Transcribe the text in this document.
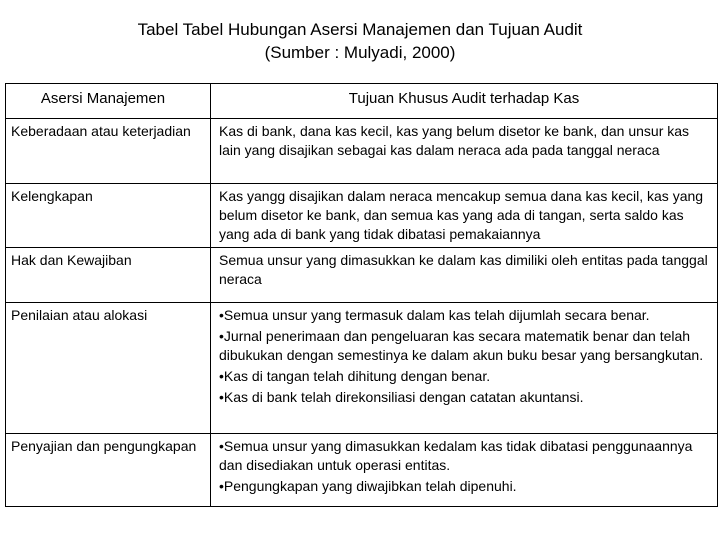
Tabel Tabel Hubungan Asersi Manajemen dan Tujuan Audit
(Sumber : Mulyadi, 2000)
Asersi Manajemen	Tujuan Khusus Audit terhadap Kas
Keberadaan atau keterjadian	Kas di bank, dana kas kecil, kas yang belum disetor ke bank, dan unsur kas lain yang disajikan sebagai kas dalam neraca ada pada tanggal neraca

Kelengkapan	Kas yangg disajikan dalam neraca mencakup semua dana kas kecil, kas yang belum disetor ke bank, dan semua kas yang ada di tangan, serta saldo kas yang ada di bank yang tidak dibatasi pemakaiannya

Hak dan Kewajiban	Semua unsur yang dimasukkan ke dalam kas dimiliki oleh entitas pada tanggal neraca

Penilaian atau alokasi	•Semua unsur yang termasuk dalam kas telah dijumlah secara benar.

•Jurnal penerimaan dan pengeluaran kas secara matematik benar dan telah dibukukan dengan semestinya ke dalam akun buku besar yang bersangkutan.

•Kas di tangan telah dihitung dengan benar.

•Kas di bank telah direkonsiliasi dengan catatan akuntansi.

Penyajian dan pengungkapan	•Semua unsur yang dimasukkan kedalam kas tidak dibatasi penggunaannya dan disediakan untuk operasi entitas.

•Pengungkapan yang diwajibkan telah dipenuhi.
